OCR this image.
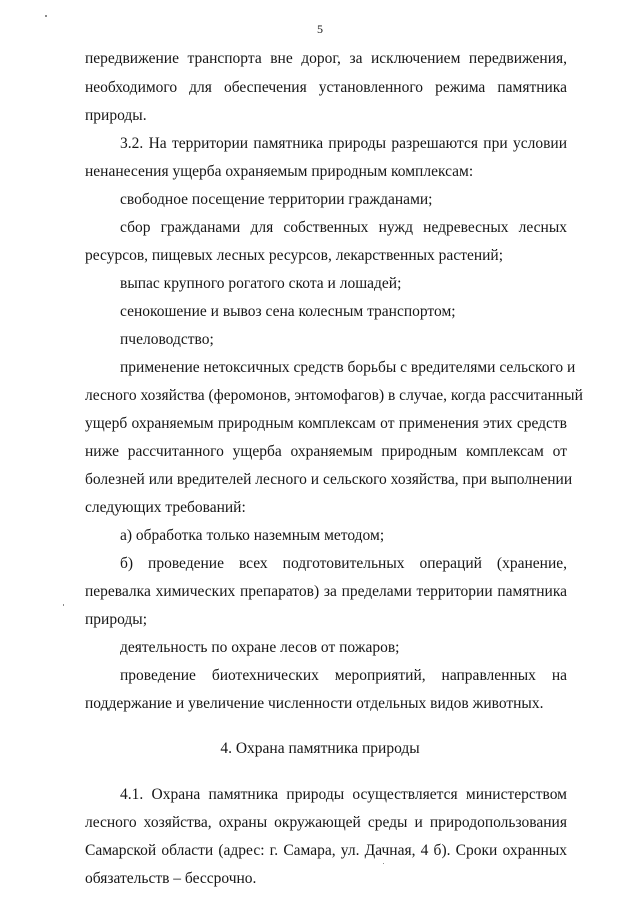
5
передвижение транспорта вне дорог, за исключением передвижения,
необходимого для обеспечения установленного режима памятника
природы.
3.2. На территории памятника природы разрешаются при условии
ненанесения ущерба охраняемым природным комплексам:
свободное посещение территории гражданами;
сбор гражданами для собственных нужд недревесных лесных
ресурсов, пищевых лесных ресурсов, лекарственных растений;
выпас крупного рогатого скота и лошадей;
сенокошение и вывоз сена колесным транспортом;
пчеловодство;
применение нетоксичных средств борьбы с вредителями сельского и
лесного хозяйства (феромонов, энтомофагов) в случае, когда рассчитанный
ущерб охраняемым природным комплексам от применения этих средств
ниже рассчитанного ущерба охраняемым природным комплексам от
болезней или вредителей лесного и сельского хозяйства, при выполнении
следующих требований:
а) обработка только наземным методом;
б) проведение всех подготовительных операций (хранение,
перевалка химических препаратов) за пределами территории памятника
природы;
деятельность по охране лесов от пожаров;
проведение биотехнических мероприятий, направленных на
поддержание и увеличение численности отдельных видов животных.
4. Охрана памятника природы
4.1. Охрана памятника природы осуществляется министерством
лесного хозяйства, охраны окружающей среды и природопользования
Самарской области (адрес: г. Самара, ул. Дачная, 4 б). Сроки охранных
обязательств – бессрочно.
